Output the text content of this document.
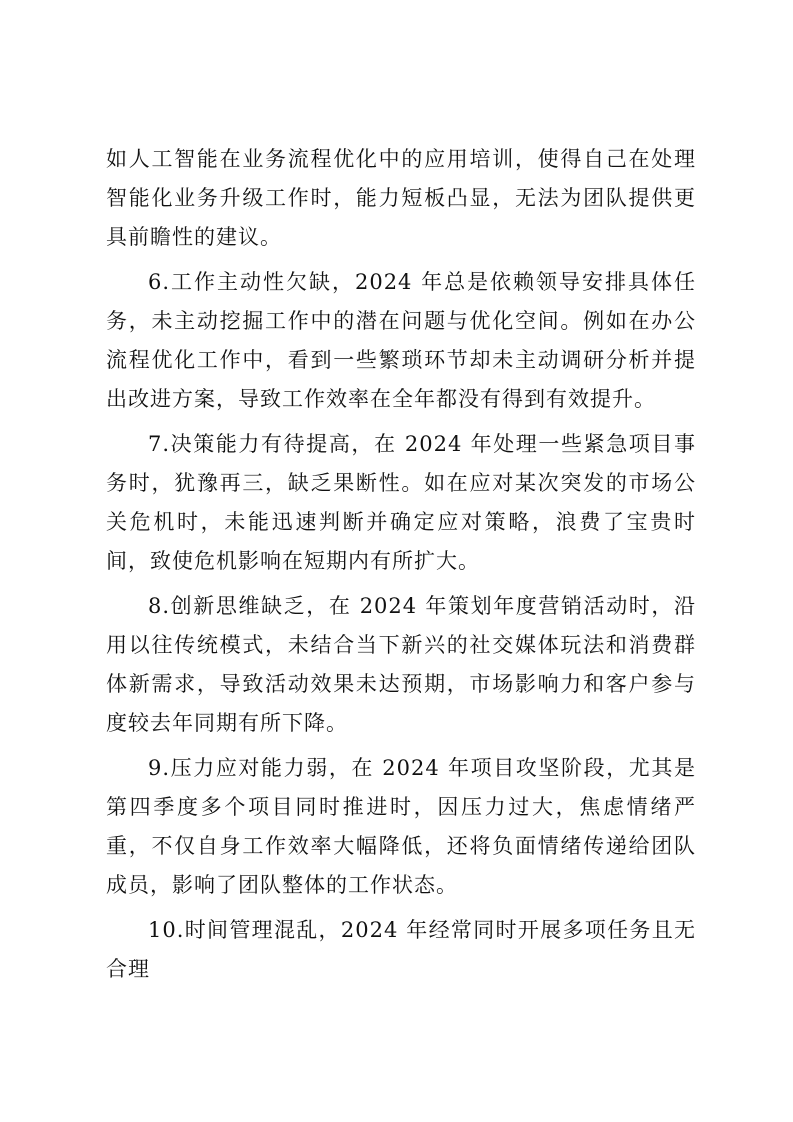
如人工智能在业务流程优化中的应用培训，使得自己在处理智能化业务升级工作时，能力短板凸显，无法为团队提供更具前瞻性的建议。

6.工作主动性欠缺，2024 年总是依赖领导安排具体任务，未主动挖掘工作中的潜在问题与优化空间。例如在办公流程优化工作中，看到一些繁琐环节却未主动调研分析并提出改进方案，导致工作效率在全年都没有得到有效提升。

7.决策能力有待提高，在 2024 年处理一些紧急项目事务时，犹豫再三，缺乏果断性。如在应对某次突发的市场公关危机时，未能迅速判断并确定应对策略，浪费了宝贵时间，致使危机影响在短期内有所扩大。

8.创新思维缺乏，在 2024 年策划年度营销活动时，沿用以往传统模式，未结合当下新兴的社交媒体玩法和消费群体新需求，导致活动效果未达预期，市场影响力和客户参与度较去年同期有所下降。

9.压力应对能力弱，在 2024 年项目攻坚阶段，尤其是第四季度多个项目同时推进时，因压力过大，焦虑情绪严重，不仅自身工作效率大幅降低，还将负面情绪传递给团队成员，影响了团队整体的工作状态。

10.时间管理混乱，2024 年经常同时开展多项任务且无合理
